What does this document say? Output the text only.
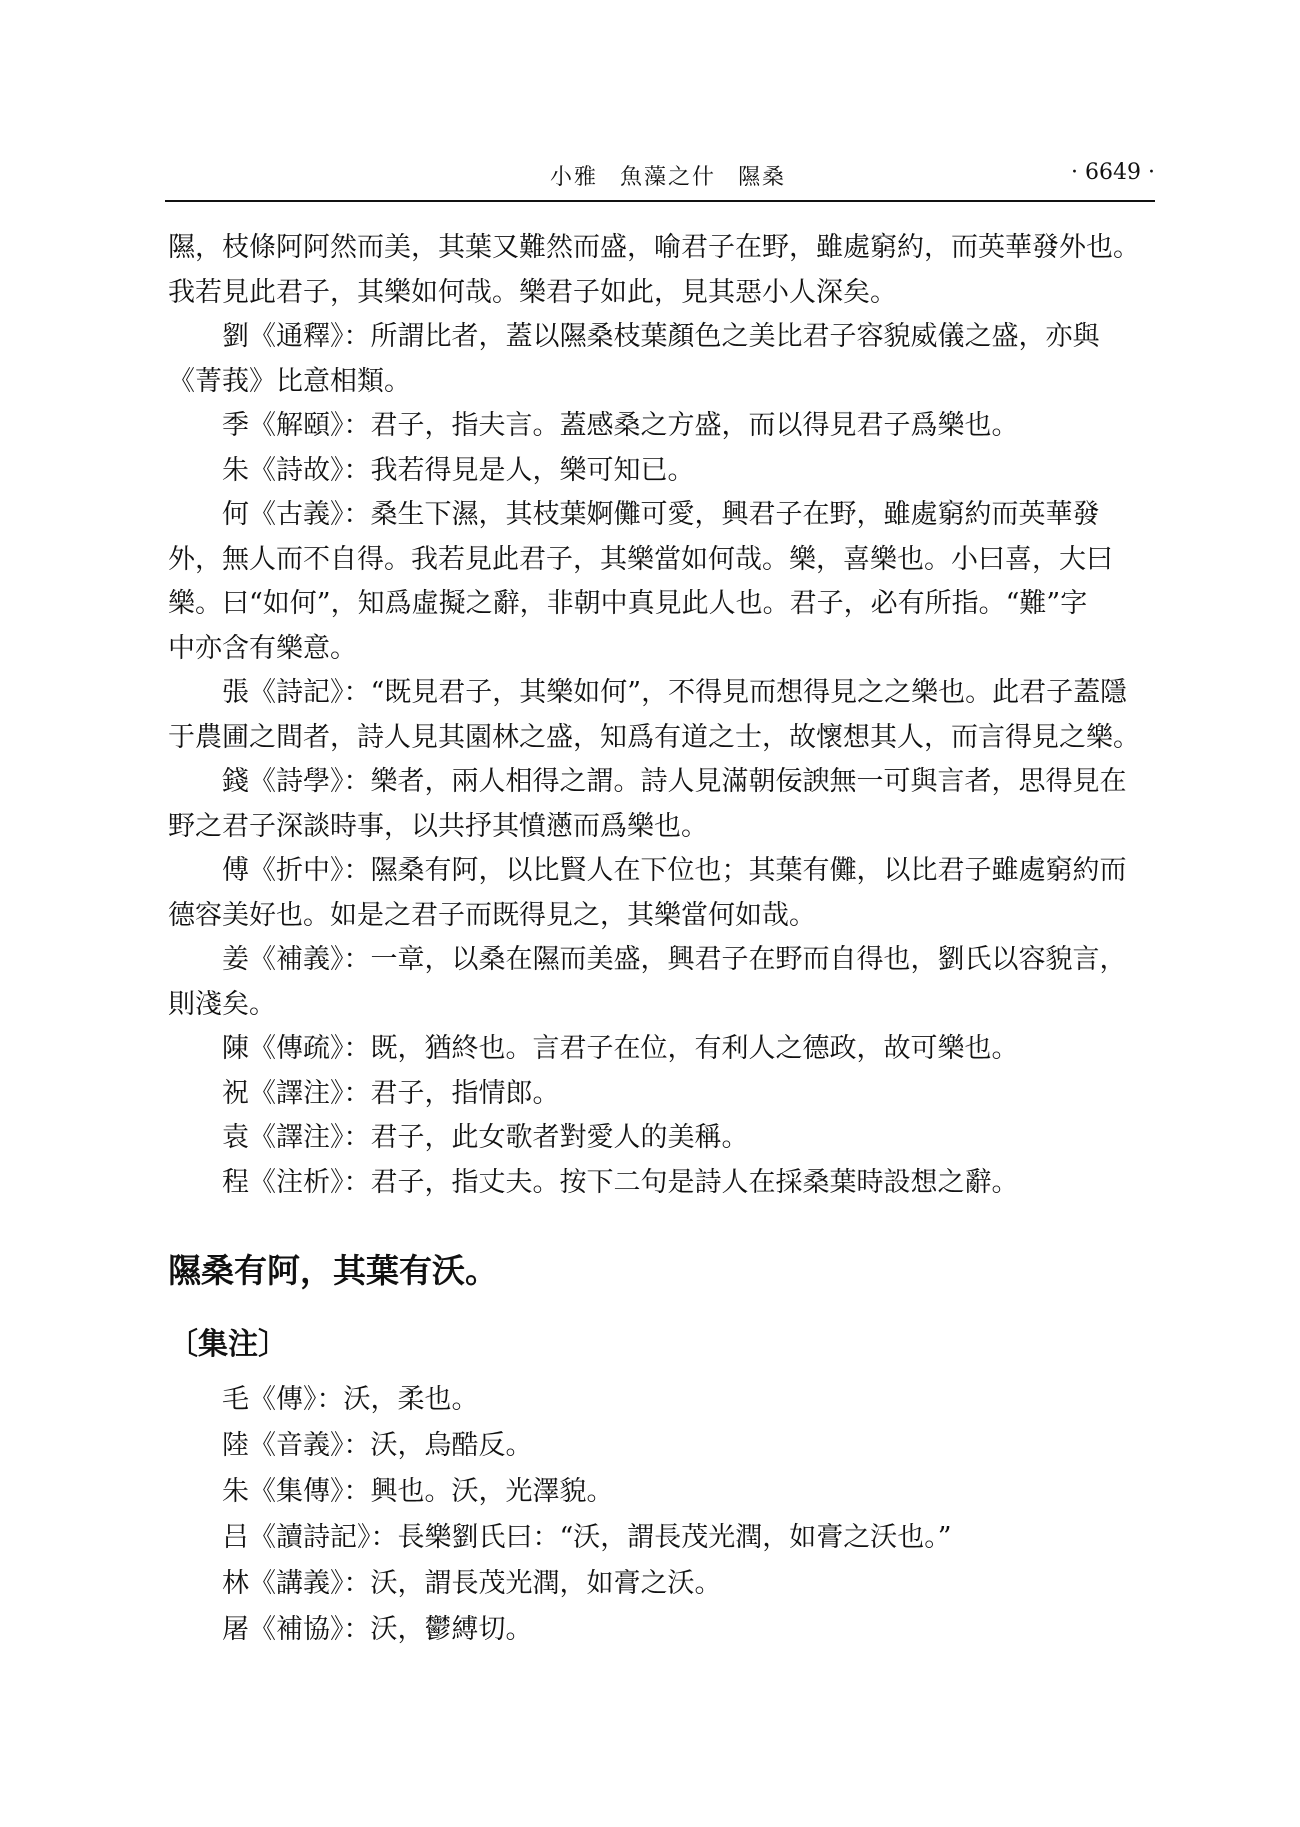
小雅 魚藻之什 隰桑	· 6649 ·
隰，枝條阿阿然而美，其葉又難然而盛，喻君子在野，雖處窮約，而英華發外也。
我若見此君子，其樂如何哉。樂君子如此，見其惡小人深矣。
劉《通釋》：所謂比者，蓋以隰桑枝葉顏色之美比君子容貌威儀之盛，亦與
《菁莪》比意相類。
季《解頤》：君子，指夫言。蓋感桑之方盛，而以得見君子爲樂也。
朱《詩故》：我若得見是人，樂可知已。
何《古義》：桑生下濕，其枝葉婀儺可愛，興君子在野，雖處窮約而英華發
外，無人而不自得。我若見此君子，其樂當如何哉。樂，喜樂也。小曰喜，大曰
樂。曰“如何”，知爲虛擬之辭，非朝中真見此人也。君子，必有所指。“難”字
中亦含有樂意。
張《詩記》：“既見君子，其樂如何”，不得見而想得見之之樂也。此君子蓋隱
于農圃之間者，詩人見其園林之盛，知爲有道之士，故懷想其人，而言得見之樂。
錢《詩學》：樂者，兩人相得之謂。詩人見滿朝佞諛無一可與言者，思得見在
野之君子深談時事，以共抒其憤懣而爲樂也。
傅《折中》：隰桑有阿，以比賢人在下位也；其葉有儺，以比君子雖處窮約而
德容美好也。如是之君子而既得見之，其樂當何如哉。
姜《補義》：一章，以桑在隰而美盛，興君子在野而自得也，劉氏以容貌言，
則淺矣。
陳《傳疏》：既，猶終也。言君子在位，有利人之德政，故可樂也。
祝《譯注》：君子，指情郎。
袁《譯注》：君子，此女歌者對愛人的美稱。
程《注析》：君子，指丈夫。按下二句是詩人在採桑葉時設想之辭。
隰桑有阿，其葉有沃。
〔集注〕
毛《傳》：沃，柔也。
陸《音義》：沃，烏酷反。
朱《集傳》：興也。沃，光澤貌。
吕《讀詩記》：長樂劉氏曰：“沃，謂長茂光潤，如膏之沃也。”
林《講義》：沃，謂長茂光潤，如膏之沃。
屠《補協》：沃，鬱縛切。
